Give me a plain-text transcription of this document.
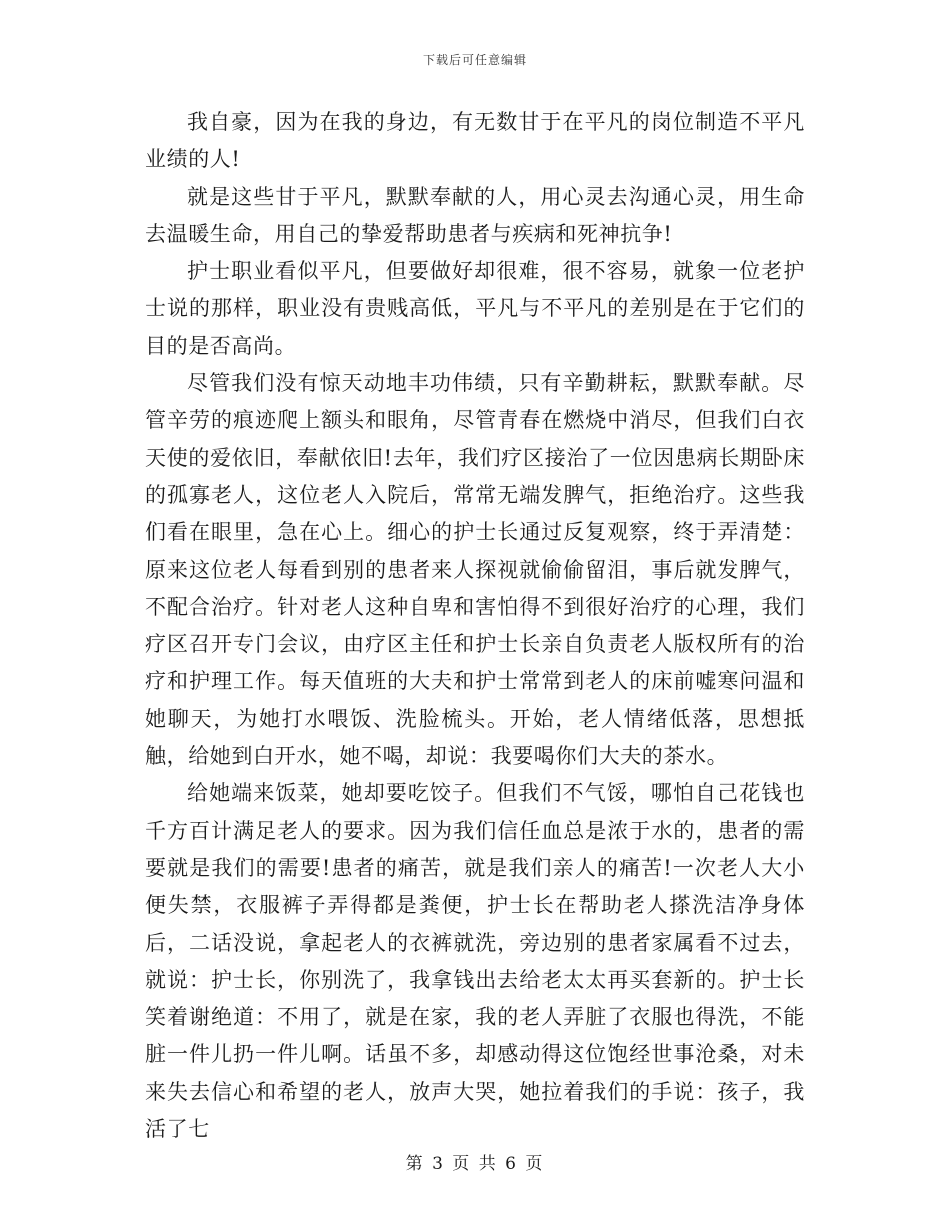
下载后可任意编辑

我自豪，因为在我的身边，有无数甘于在平凡的岗位制造不平凡业绩的人!

就是这些甘于平凡，默默奉献的人，用心灵去沟通心灵，用生命去温暖生命，用自己的挚爱帮助患者与疾病和死神抗争!

护士职业看似平凡，但要做好却很难，很不容易，就象一位老护士说的那样，职业没有贵贱高低，平凡与不平凡的差别是在于它们的目的是否高尚。

尽管我们没有惊天动地丰功伟绩，只有辛勤耕耘，默默奉献。尽管辛劳的痕迹爬上额头和眼角，尽管青春在燃烧中消尽，但我们白衣天使的爱依旧，奉献依旧!去年，我们疗区接治了一位因患病长期卧床的孤寡老人，这位老人入院后，常常无端发脾气，拒绝治疗。这些我们看在眼里，急在心上。细心的护士长通过反复观察，终于弄清楚：原来这位老人每看到别的患者来人探视就偷偷留泪，事后就发脾气，不配合治疗。针对老人这种自卑和害怕得不到很好治疗的心理，我们疗区召开专门会议，由疗区主任和护士长亲自负责老人版权所有的治疗和护理工作。每天值班的大夫和护士常常到老人的床前嘘寒问温和她聊天，为她打水喂饭、洗脸梳头。开始，老人情绪低落，思想抵触，给她到白开水，她不喝，却说：我要喝你们大夫的茶水。

给她端来饭菜，她却要吃饺子。但我们不气馁，哪怕自己花钱也千方百计满足老人的要求。因为我们信任血总是浓于水的，患者的需要就是我们的需要!患者的痛苦，就是我们亲人的痛苦!一次老人大小便失禁，衣服裤子弄得都是粪便，护士长在帮助老人搽洗洁净身体后，二话没说，拿起老人的衣裤就洗，旁边别的患者家属看不过去，就说：护士长，你别洗了，我拿钱出去给老太太再买套新的。护士长笑着谢绝道：不用了，就是在家，我的老人弄脏了衣服也得洗，不能脏一件儿扔一件儿啊。话虽不多，却感动得这位饱经世事沧桑，对未来失去信心和希望的老人，放声大哭，她拉着我们的手说：孩子，我活了七

第 3 页 共 6 页
